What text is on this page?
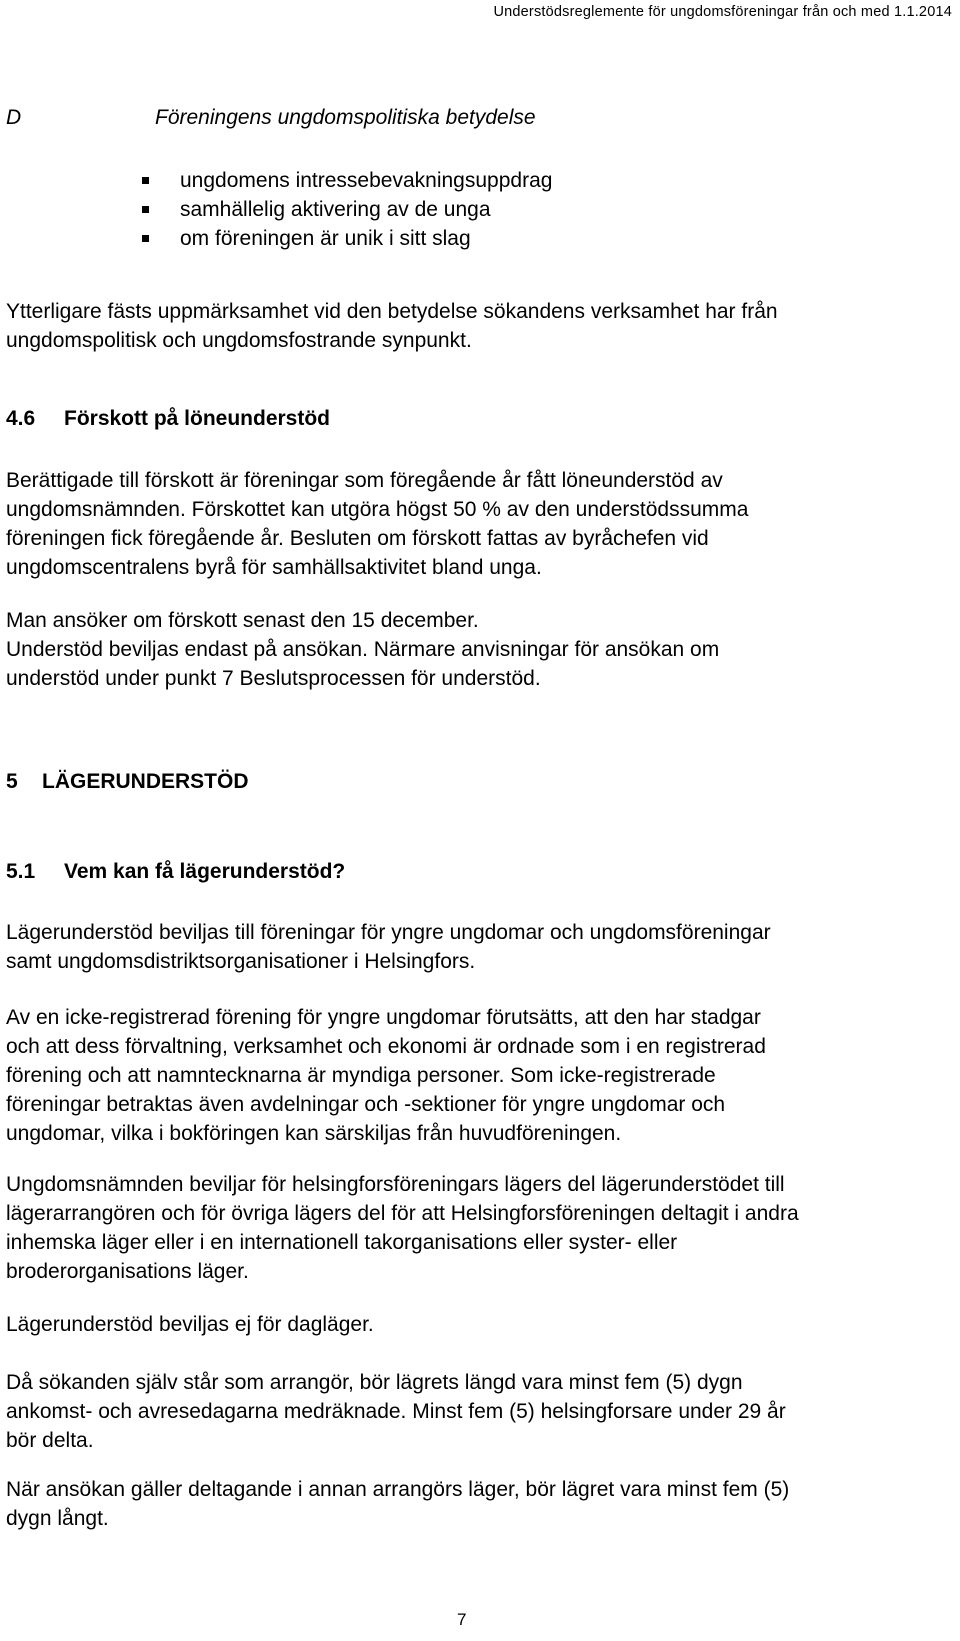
Understödsreglemente för ungdomsföreningar från och med 1.1.2014
D	Föreningens ungdomspolitiska betydelse
ungdomens intressebevakningsuppdrag
samhällelig aktivering av de unga
om föreningen är unik i sitt slag

Ytterligare fästs uppmärksamhet vid den betydelse sökandens verksamhet har från
ungdomspolitisk och ungdomsfostrande synpunkt.

4.6 Förskott på löneunderstöd

Berättigade till förskott är föreningar som föregående år fått löneunderstöd av
ungdomsnämnden. Förskottet kan utgöra högst 50 % av den understödssumma
föreningen fick föregående år. Besluten om förskott fattas av byråchefen vid
ungdomscentralens byrå för samhällsaktivitet bland unga.

Man ansöker om förskott senast den 15 december.
Understöd beviljas endast på ansökan. Närmare anvisningar för ansökan om
understöd under punkt 7 Beslutsprocessen för understöd.

5 LÄGERUNDERSTÖD
5.1 Vem kan få lägerunderstöd?

Lägerunderstöd beviljas till föreningar för yngre ungdomar och ungdomsföreningar
samt ungdomsdistriktsorganisationer i Helsingfors.

Av en icke-registrerad förening för yngre ungdomar förutsätts, att den har stadgar
och att dess förvaltning, verksamhet och ekonomi är ordnade som i en registrerad
förening och att namntecknarna är myndiga personer. Som icke-registrerade
föreningar betraktas även avdelningar och -sektioner för yngre ungdomar och
ungdomar, vilka i bokföringen kan särskiljas från huvudföreningen.

Ungdomsnämnden beviljar för helsingforsföreningars lägers del lägerunderstödet till
lägerarrangören och för övriga lägers del för att Helsingforsföreningen deltagit i andra
inhemska läger eller i en internationell takorganisations eller syster- eller
broderorganisations läger.

Lägerunderstöd beviljas ej för dagläger.

Då sökanden själv står som arrangör, bör lägrets längd vara minst fem (5) dygn
ankomst- och avresedagarna medräknade. Minst fem (5) helsingforsare under 29 år
bör delta.

När ansökan gäller deltagande i annan arrangörs läger, bör lägret vara minst fem (5)
dygn långt.

7
